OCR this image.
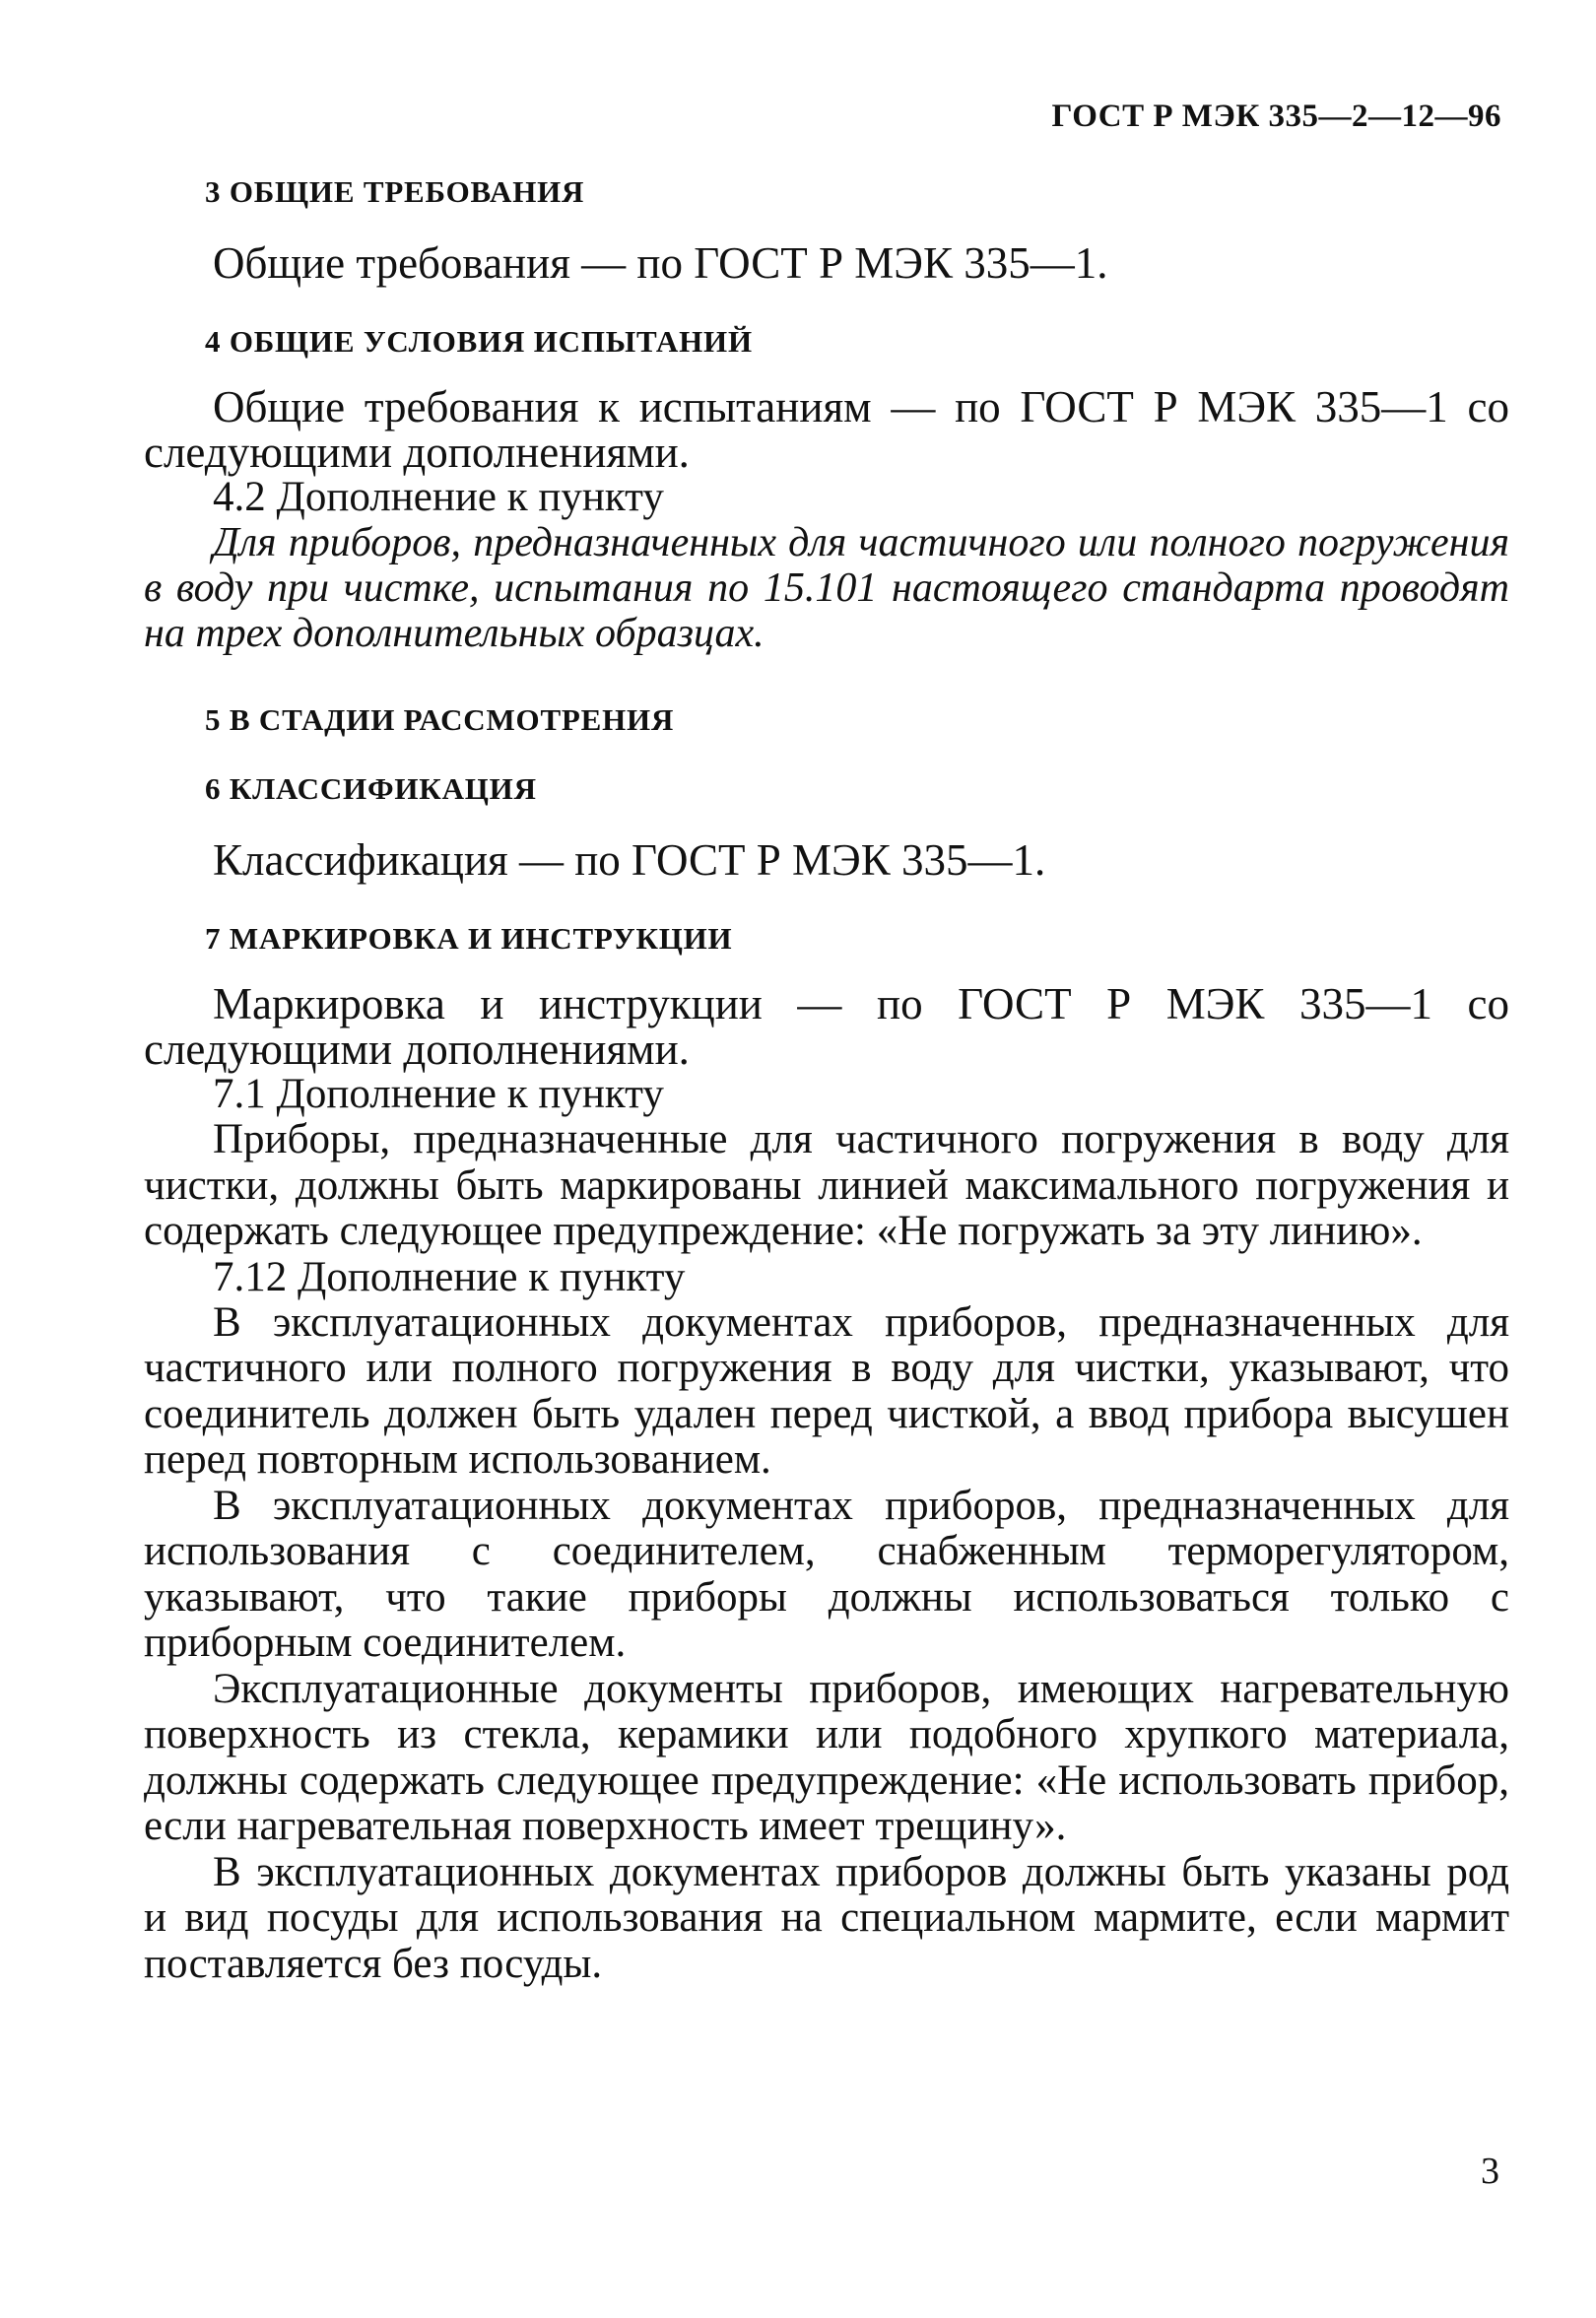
ГОСТ Р МЭК 335—2—12—96

3 ОБЩИЕ ТРЕБОВАНИЯ

Общие требования — по ГОСТ Р МЭК 335—1.

4 ОБЩИЕ УСЛОВИЯ ИСПЫТАНИЙ

Общие требования к испытаниям — по ГОСТ Р МЭК 335—1 со следующими дополнениями.

4.2 Дополнение к пункту

Для приборов, предназначенных для частичного или полного погружения в воду при чистке, испытания по 15.101 настоящего стандарта проводят на трех дополнительных образцах.

5 В СТАДИИ РАССМОТРЕНИЯ

6 КЛАССИФИКАЦИЯ

Классификация — по ГОСТ Р МЭК 335—1.

7 МАРКИРОВКА И ИНСТРУКЦИИ

Маркировка и инструкции — по ГОСТ Р МЭК 335—1 со следующими дополнениями.

7.1 Дополнение к пункту

Приборы, предназначенные для частичного погружения в воду для чистки, должны быть маркированы линией максимального погружения и содержать следующее предупреждение: «Не погружать за эту линию».

7.12 Дополнение к пункту

В эксплуатационных документах приборов, предназначенных для частичного или полного погружения в воду для чистки, указывают, что соединитель должен быть удален перед чисткой, а ввод прибора высушен перед повторным использованием.

В эксплуатационных документах приборов, предназначенных для использования с соединителем, снабженным терморегулятором, указывают, что такие приборы должны использоваться только с приборным соединителем.

Эксплуатационные документы приборов, имеющих нагревательную поверхность из стекла, керамики или подобного хрупкого материала, должны содержать следующее предупреждение: «Не использовать прибор, если нагревательная поверхность имеет трещину».

В эксплуатационных документах приборов должны быть указаны род и вид посуды для использования на специальном мармите, если мармит поставляется без посуды.

3
